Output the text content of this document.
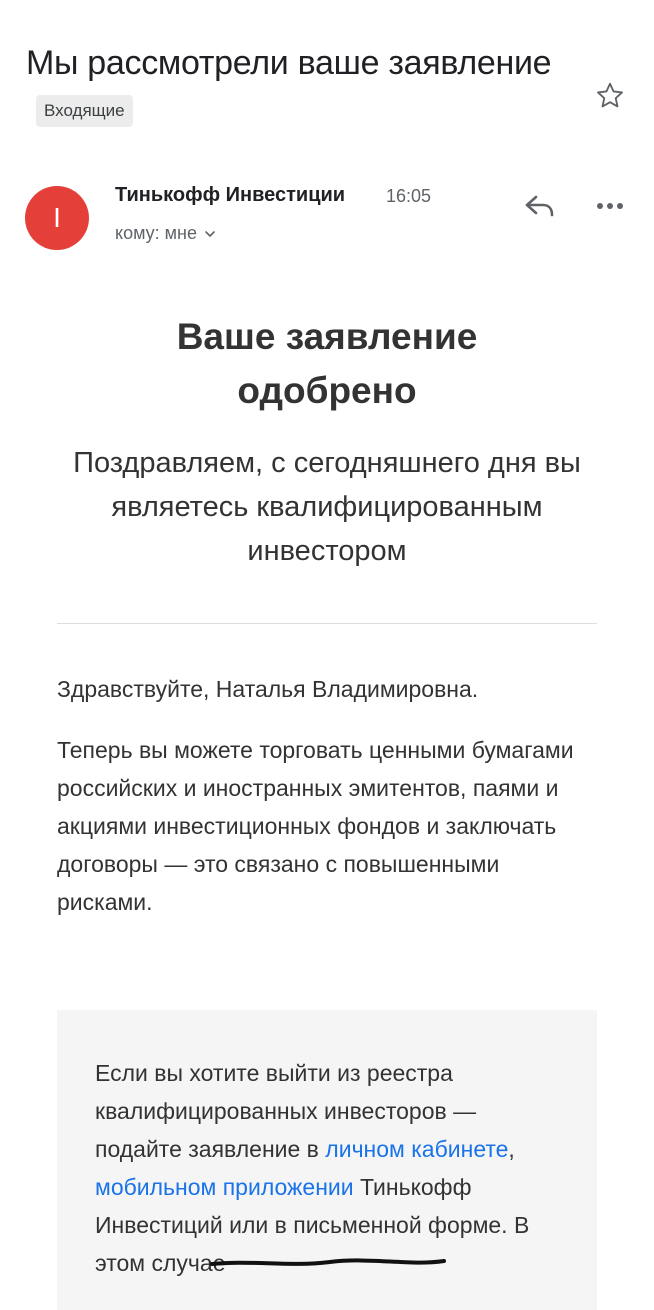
Мы рассмотрели ваше заявлениеВходящие
I
Тинькофф Инвестиции 16:05
кому: мне
Ваше заявление одобрено
Поздравляем, с сегодняшнего дня вы являетесь квалифицированным инвестором
Здравствуйте, Наталья Владимировна.
Теперь вы можете торговать ценными бумагами российских и иностранных эмитентов, паями и акциями инвестиционных фондов и заключать договоры — это связано с повышенными рисками.
Если вы хотите выйти из реестра квалифицированных инвесторов — подайте заявление в личном кабинете, мобильном приложении Тинькофф Инвестиций или в письменной форме. В этом случае
